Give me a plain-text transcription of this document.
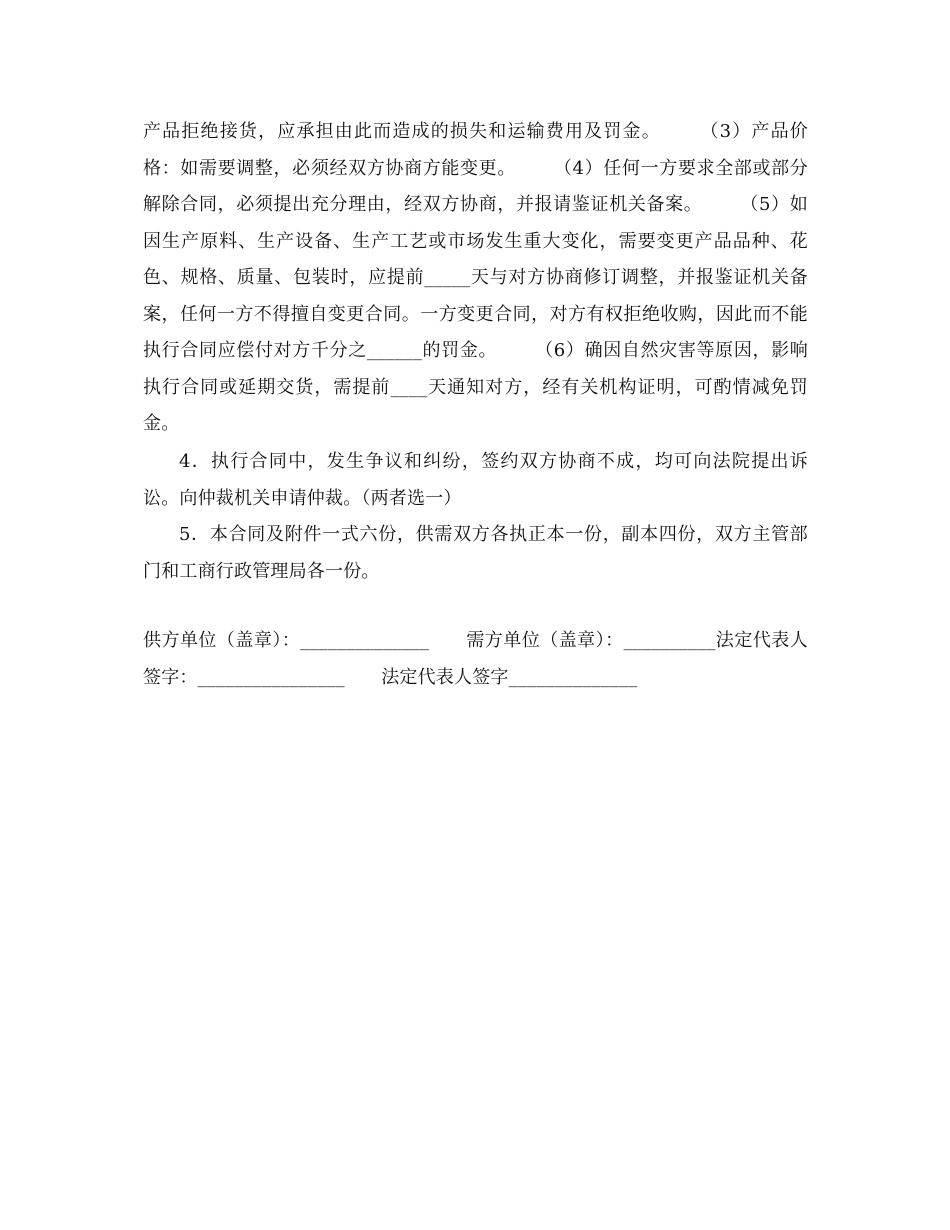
产品拒绝接货，应承担由此而造成的损失和运输费用及罚金。　　　（3）产品价格：如需要调整，必须经双方协商方能变更。　　　（4）任何一方要求全部或部分解除合同，必须提出充分理由，经双方协商，并报请鉴证机关备案。　　　（5）如因生产原料、生产设备、生产工艺或市场发生重大变化，需要变更产品品种、花色、规格、质量、包装时，应提前_____天与对方协商修订调整，并报鉴证机关备案，任何一方不得擅自变更合同。一方变更合同，对方有权拒绝收购，因此而不能执行合同应偿付对方千分之______的罚金。　　　（6）确因自然灾害等原因，影响执行合同或延期交货，需提前____天通知对方，经有关机构证明，可酌情减免罚金。
4．执行合同中，发生争议和纠纷，签约双方协商不成，均可向法院提出诉讼。向仲裁机关申请仲裁。（两者选一）
5．本合同及附件一式六份，供需双方各执正本一份，副本四份，双方主管部门和工商行政管理局各一份。
供方单位（盖章）：______________　　需方单位（盖章）：__________法定代表人签字：________________　　法定代表人签字______________
